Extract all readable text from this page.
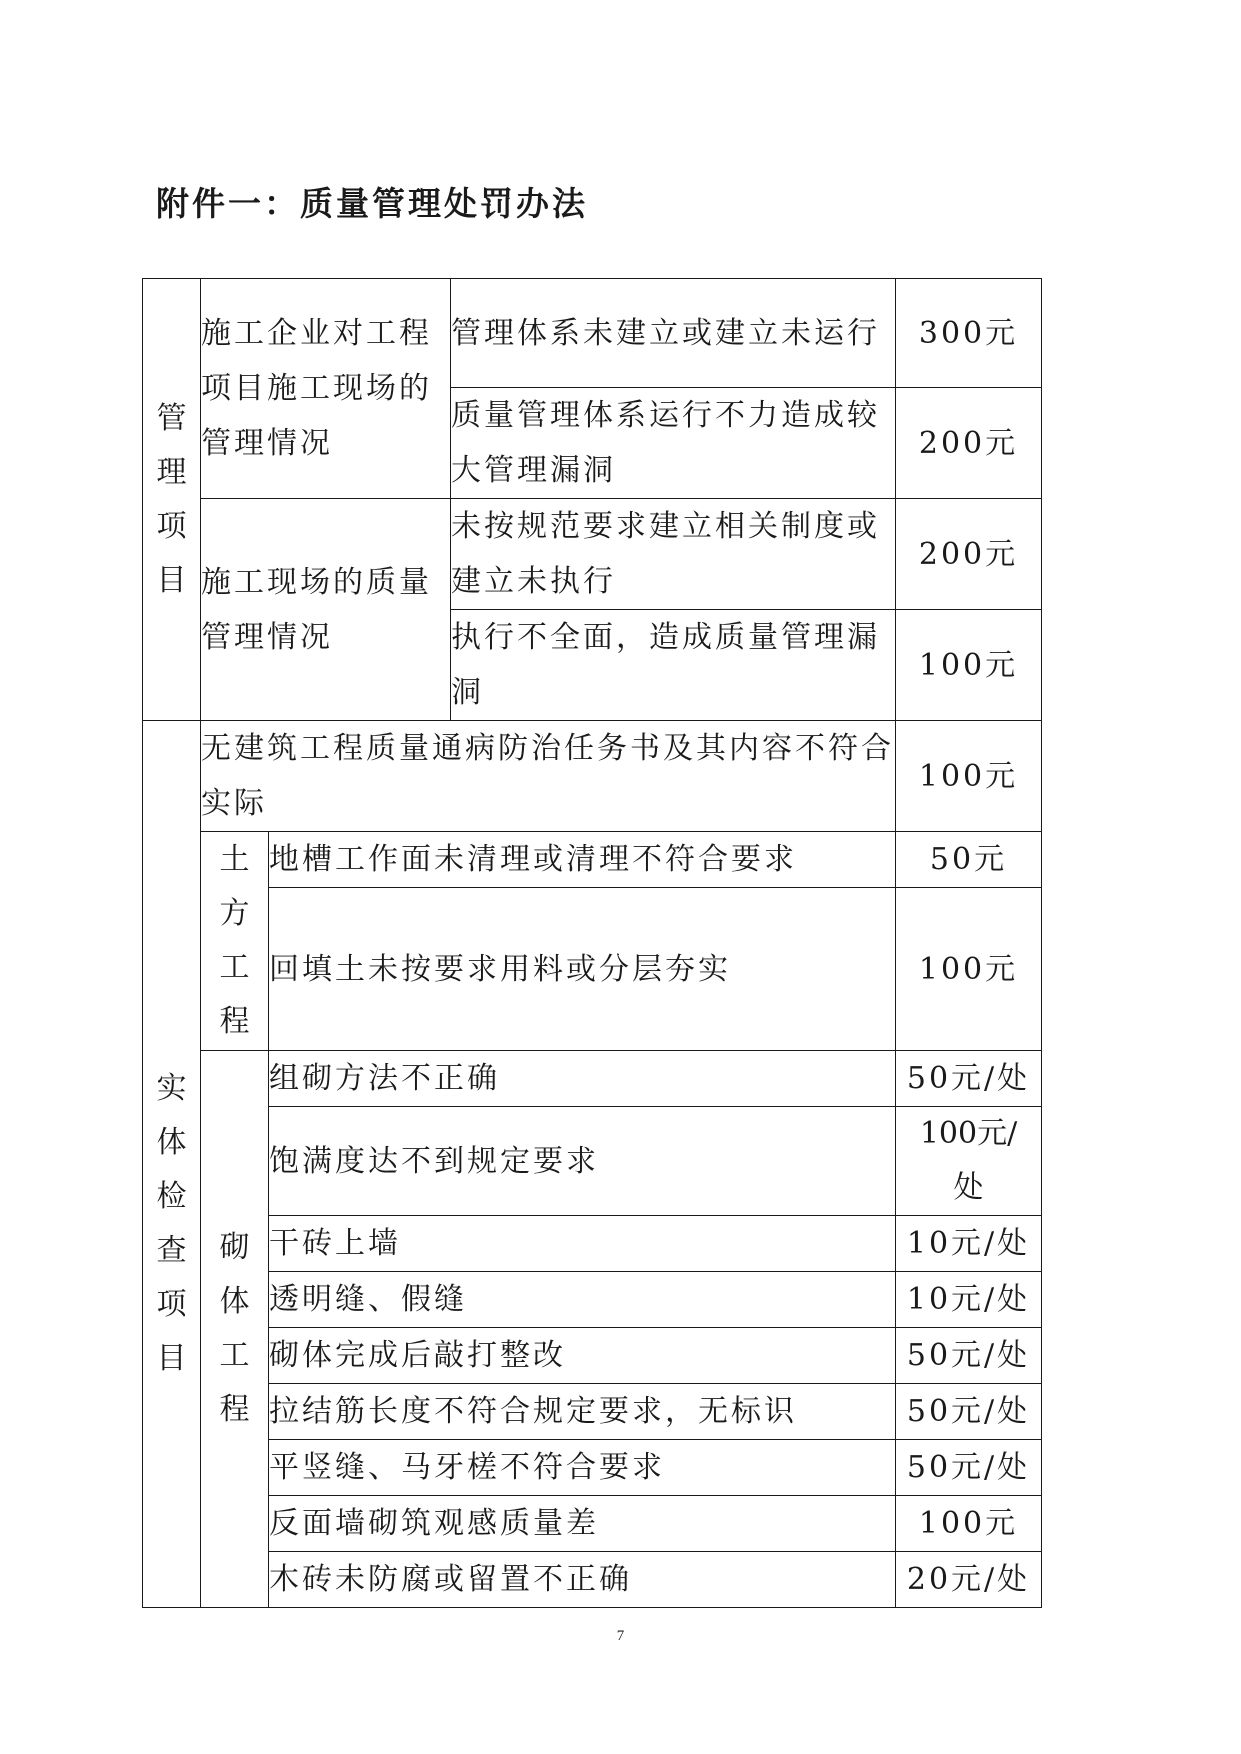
附件一：质量管理处罚办法
管理项目	施工企业对工程项目施工现场的管理情况		管理体系未建立或建立未运行	300元
			质量管理体系运行不力造成较大管理漏洞	200元
	施工现场的质量管理情况		未按规范要求建立相关制度或建立未执行	200元
			执行不全面，造成质量管理漏洞	100元

实体检查项目	无建筑工程质量通病防治任务书及其内容不符合实际			100元

	土方工程	地槽工作面未清理或清理不符合要求		50元
		回填土未按要求用料或分层夯实		100元

	砌体工程	组砌方法不正确		50元/处
		饱满度达不到规定要求		100元/处

		干砖上墙		10元/处
		透明缝、假缝		10元/处
		砌体完成后敲打整改		50元/处
		拉结筋长度不符合规定要求，无标识		50元/处
		平竖缝、马牙槎不符合要求		50元/处
		反面墙砌筑观感质量差		100元
		木砖未防腐或留置不正确		20元/处
7
